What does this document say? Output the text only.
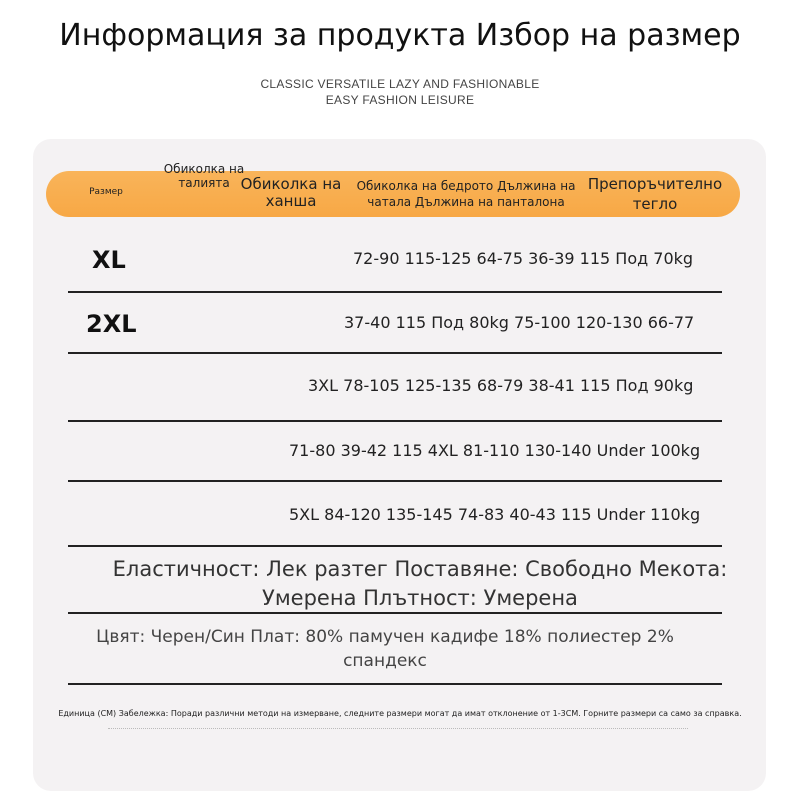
Информация за продукта Избор на размер
CLASSIC VERSATILE LAZY AND FASHIONABLE
EASY FASHION LEISURE
Размер
Обиколка на талията Обиколка на ханша
Обиколка на бедрото Дължина на чатала Дължина на панталона
Препоръчително тегло
XL	72-90 115-125 64-75 36-39 115 Под 70kg
2XL	37-40 115 Под 80kg 75-100 120-130 66-77
3XL 78-105 125-135 68-79 38-41 115 Под 90kg
71-80 39-42 115 4XL 81-110 130-140 Under 100kg
5XL 84-120 135-145 74-83 40-43 115 Under 110kg
Еластичност: Лек разтег Поставяне: Свободно Мекота:
Умерена Плътност: Умерена
Цвят: Черен/Син Плат: 80% памучен кадифе 18% полиестер 2%
спандекс
Единица (CM) Забележка: Поради различни методи на измерване, следните размери могат да имат отклонение от 1-3CM. Горните размери са само за справка.
